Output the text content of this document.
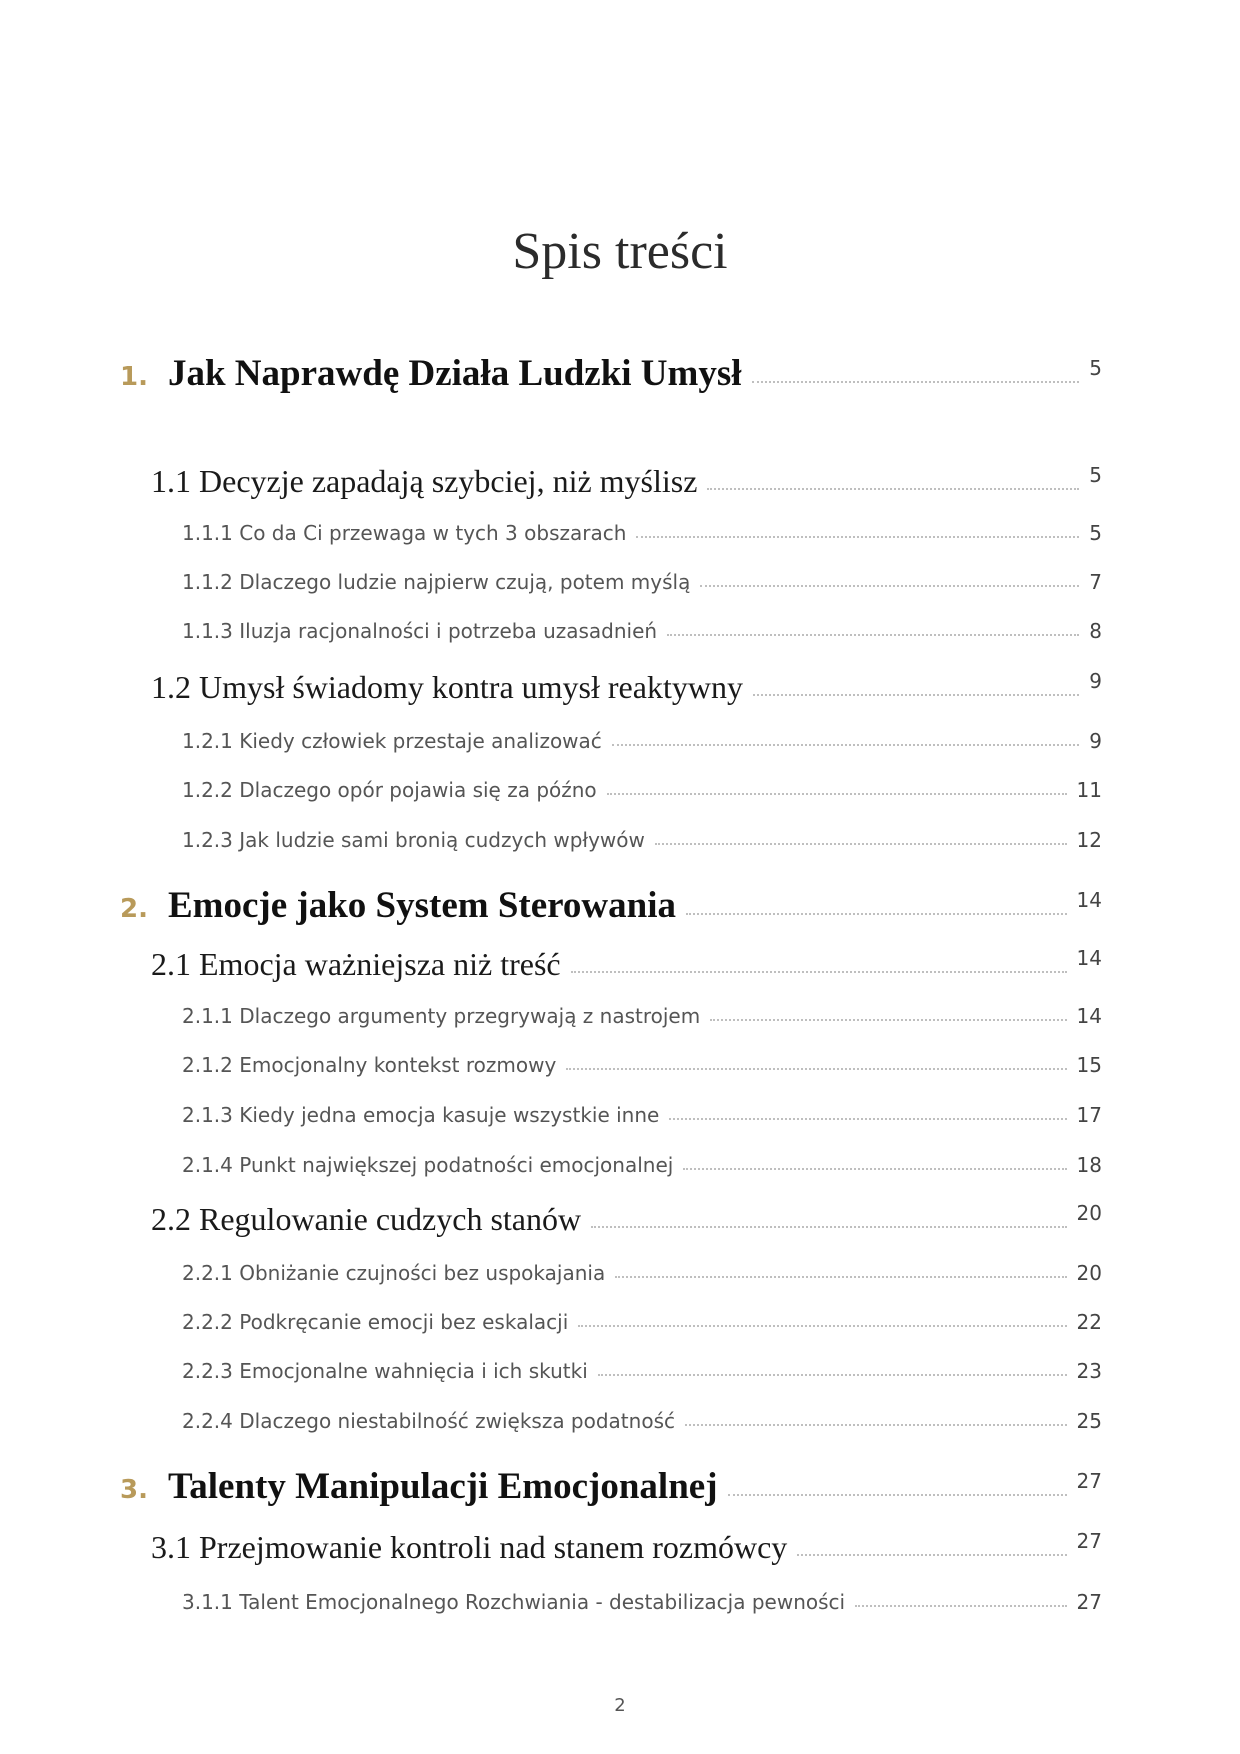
Spis treści
1. Jak Naprawdę Działa Ludzki Umysł	5
1.1 Decyzje zapadają szybciej, niż myślisz	5
1.1.1 Co da Ci przewaga w tych 3 obszarach	5
1.1.2 Dlaczego ludzie najpierw czują, potem myślą	7
1.1.3 Iluzja racjonalności i potrzeba uzasadnień	8
1.2 Umysł świadomy kontra umysł reaktywny	9
1.2.1 Kiedy człowiek przestaje analizować	9
1.2.2 Dlaczego opór pojawia się za późno	11
1.2.3 Jak ludzie sami bronią cudzych wpływów	12
2. Emocje jako System Sterowania	14
2.1 Emocja ważniejsza niż treść	14
2.1.1 Dlaczego argumenty przegrywają z nastrojem	14
2.1.2 Emocjonalny kontekst rozmowy	15
2.1.3 Kiedy jedna emocja kasuje wszystkie inne	17
2.1.4 Punkt największej podatności emocjonalnej	18
2.2 Regulowanie cudzych stanów	20
2.2.1 Obniżanie czujności bez uspokajania	20
2.2.2 Podkręcanie emocji bez eskalacji	22
2.2.3 Emocjonalne wahnięcia i ich skutki	23
2.2.4 Dlaczego niestabilność zwiększa podatność	25
3. Talenty Manipulacji Emocjonalnej	27
3.1 Przejmowanie kontroli nad stanem rozmówcy	27
3.1.1 Talent Emocjonalnego Rozchwiania - destabilizacja pewności	27
2
